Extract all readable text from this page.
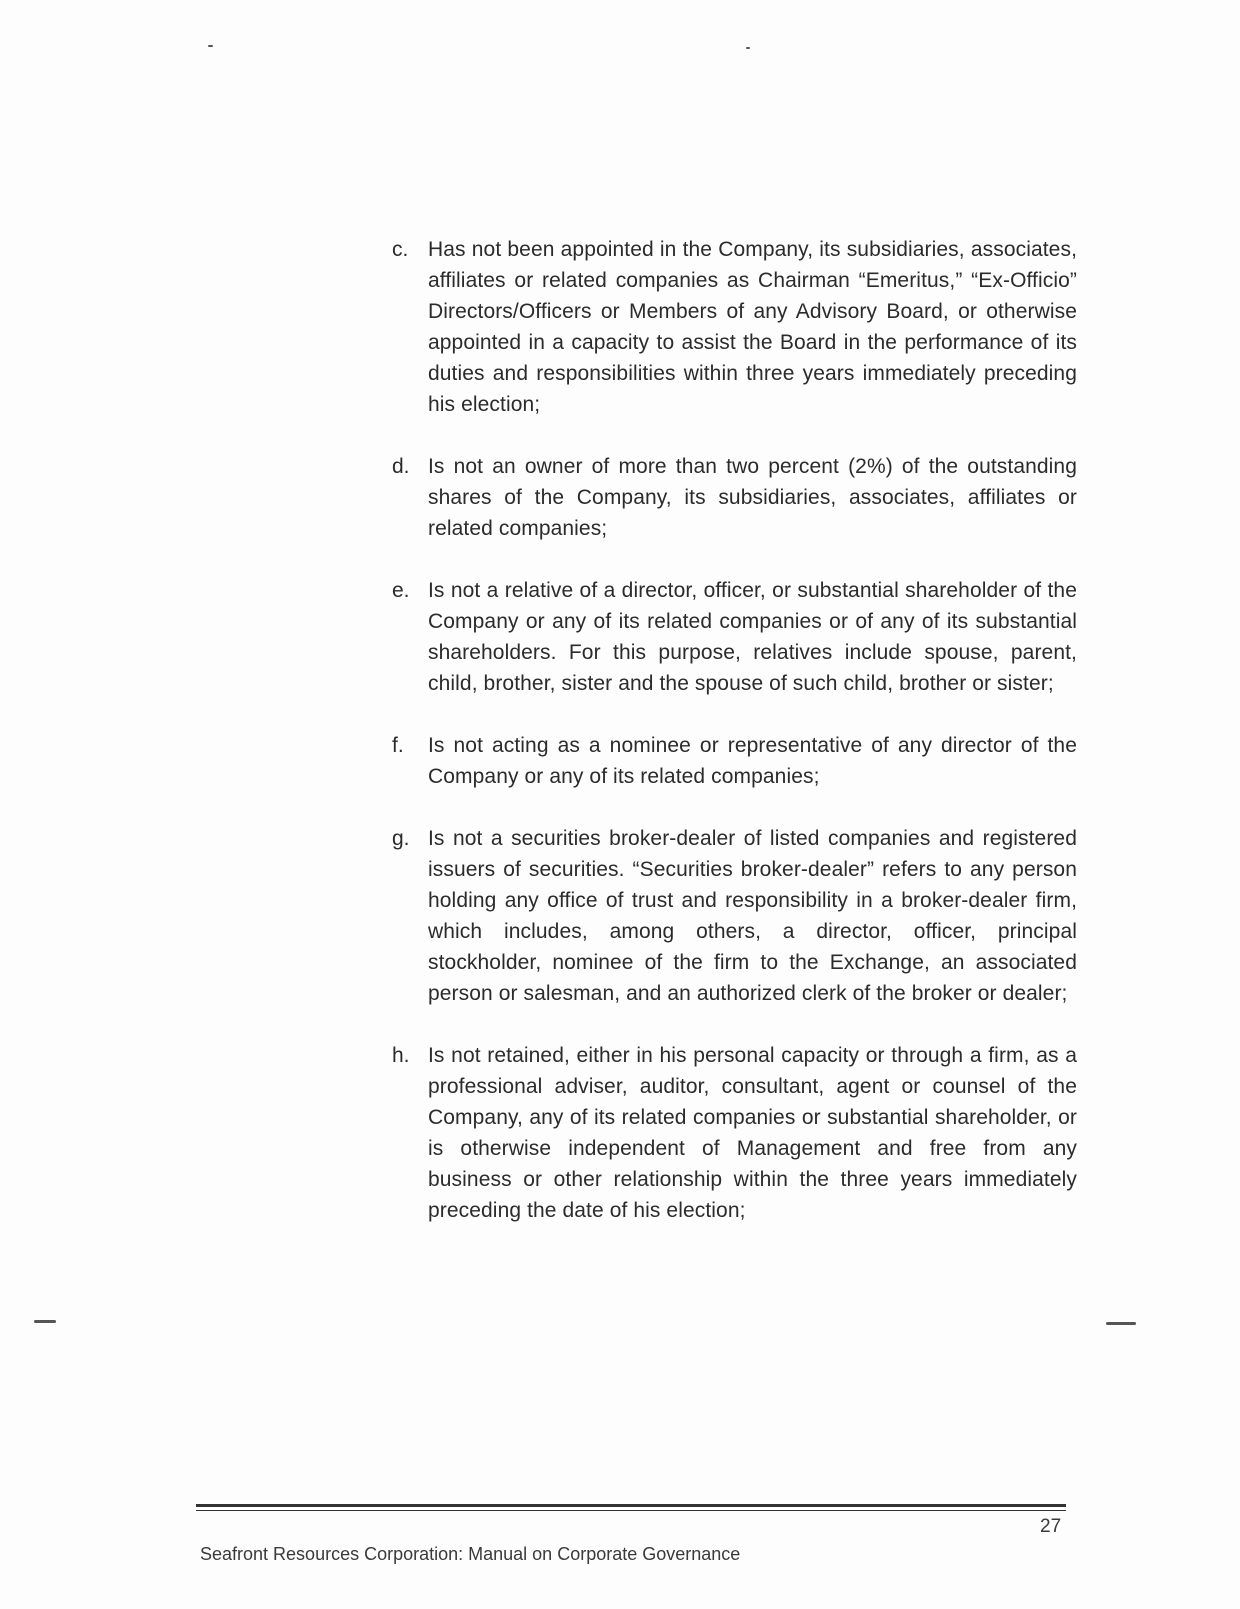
c. Has not been appointed in the Company, its subsidiaries, associates, affiliates or related companies as Chairman “Emeritus,” “Ex-Officio” Directors/Officers or Members of any Advisory Board, or otherwise appointed in a capacity to assist the Board in the performance of its duties and responsibilities within three years immediately preceding his election;
d. Is not an owner of more than two percent (2%) of the outstanding shares of the Company, its subsidiaries, associates, affiliates or related companies;
e. Is not a relative of a director, officer, or substantial shareholder of the Company or any of its related companies or of any of its substantial shareholders. For this purpose, relatives include spouse, parent, child, brother, sister and the spouse of such child, brother or sister;
f.	Is not acting as a nominee or representative of any director of the Company or any of its related companies;
g. Is not a securities broker-dealer of listed companies and registered issuers of securities. “Securities broker-dealer” refers to any person holding any office of trust and responsibility in a broker-dealer firm, which includes, among others, a director, officer, principal stockholder, nominee of the firm to the Exchange, an associated person or salesman, and an authorized clerk of the broker or dealer;
h. Is not retained, either in his personal capacity or through a firm, as a professional adviser, auditor, consultant, agent or counsel of the Company, any of its related companies or substantial shareholder, or is otherwise independent of Management and free from any business or other relationship within the three years immediately preceding the date of his election;
Seafront Resources Corporation: Manual on Corporate Governance
27
